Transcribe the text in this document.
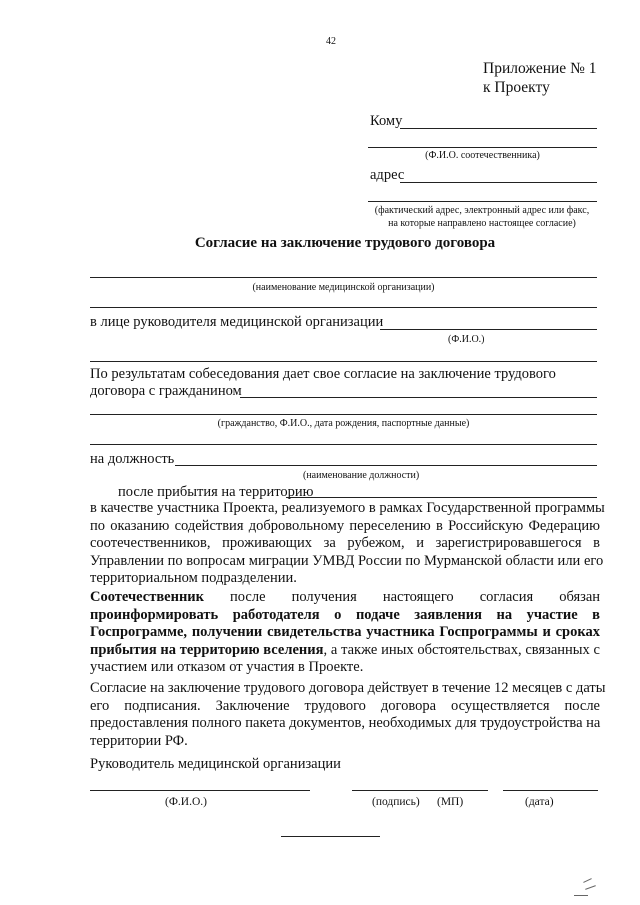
42
Приложение № 1
к Проекту
Кому
(Ф.И.О. соотечественника)
адрес
(фактический адрес, электронный адрес или факс,
на которые направлено настоящее согласие)
Согласие на заключение трудового договора
(наименование медицинской организации)
в лице руководителя медицинской организации
(Ф.И.О.)
По результатам собеседования дает свое согласие на заключение трудового
договора с гражданином
(гражданство, Ф.И.О., дата рождения, паспортные данные)
на должность
(наименование должности)
после прибытия на территорию
в качестве участника Проекта, реализуемого в рамках Государственной программы
по оказанию содействия добровольному переселению в Российскую Федерацию
соотечественников, проживающих за рубежом, и зарегистрировавшегося в
Управлении по вопросам миграции УМВД России по Мурманской области или его
территориальном подразделении.
Соотечественник после получения настоящего согласия обязан
проинформировать работодателя о подаче заявления на участие в
Госпрограмме, получении свидетельства участника Госпрограммы и сроках
прибытия на территорию вселения, а также иных обстоятельствах, связанных с
участием или отказом от участия в Проекте.
Согласие на заключение трудового договора действует в течение 12 месяцев с даты
его подписания. Заключение трудового договора осуществляется после
предоставления полного пакета документов, необходимых для трудоустройства на
территории РФ.
Руководитель медицинской организации
(Ф.И.О.)	(подпись) (МП)	(дата)
